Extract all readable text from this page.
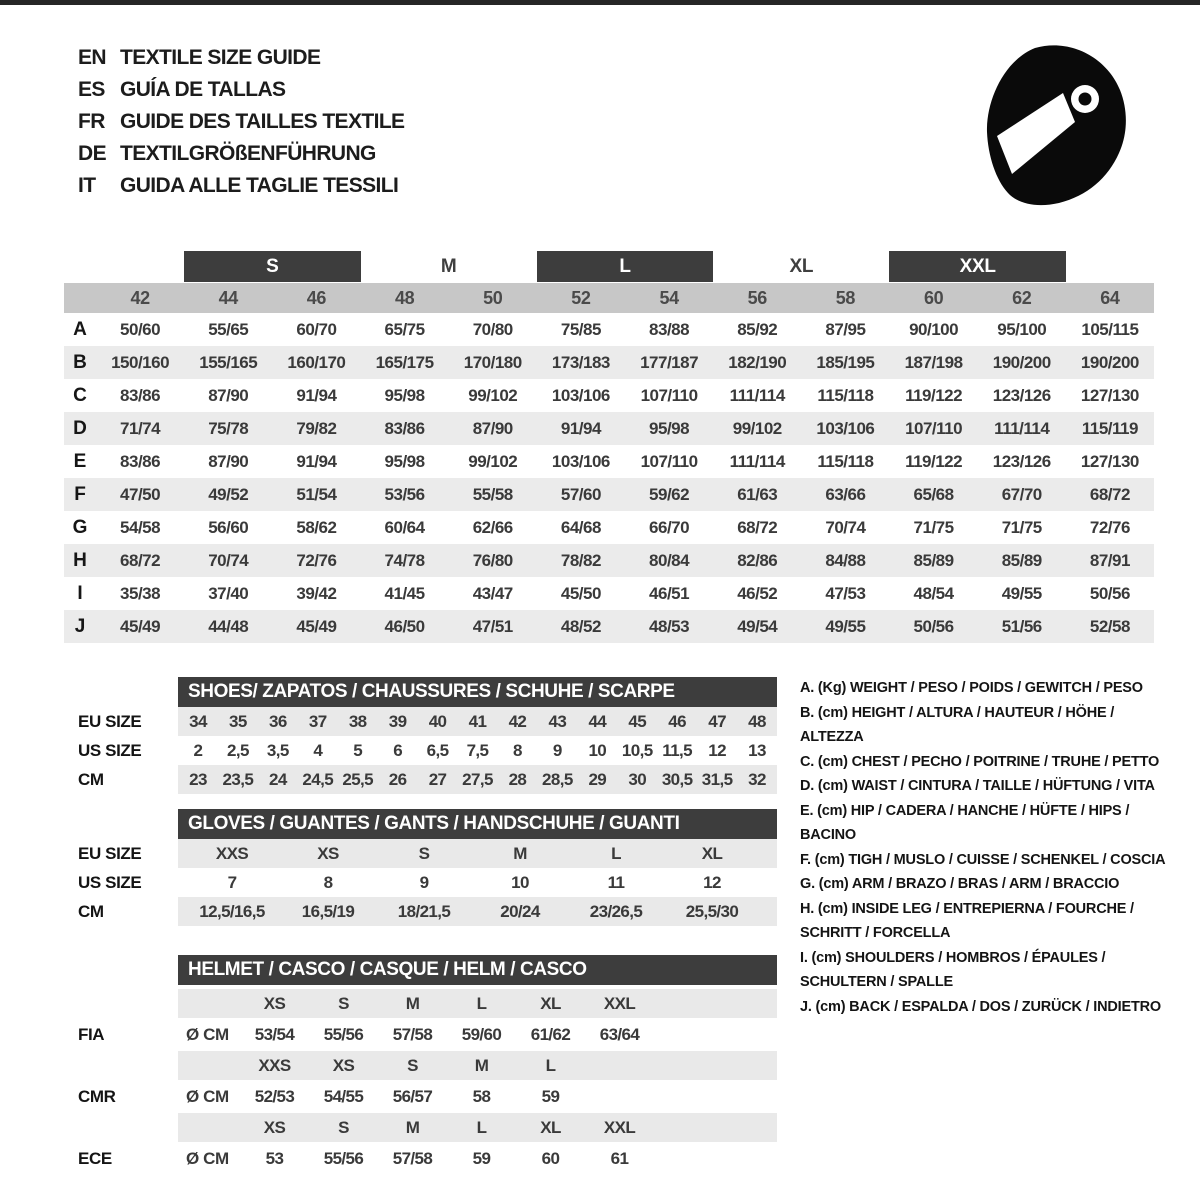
EN TEXTILE SIZE GUIDE
ES GUÍA DE TALLAS
FR GUIDE DES TAILLES TEXTILE
DE TEXTILGRÖßENFÜHRUNG
IT	GUIDA ALLE TAGLIE TESSILI
S	M	L	XL	XXL
42	44	46	48	50	52	54	56	58	60	62	64
A	50/60	55/65	60/70	65/75	70/80	75/85	83/88	85/92	87/95	90/100	95/100	105/115
B	150/160	155/165	160/170	165/175	170/180	173/183	177/187	182/190	185/195	187/198	190/200	190/200
C	83/86	87/90	91/94	95/98	99/102	103/106	107/110	111/114	115/118	119/122	123/126	127/130
D	71/74	75/78	79/82	83/86	87/90	91/94	95/98	99/102	103/106	107/110	111/114	115/119
E	83/86	87/90	91/94	95/98	99/102	103/106	107/110	111/114	115/118	119/122	123/126	127/130
F	47/50	49/52	51/54	53/56	55/58	57/60	59/62	61/63	63/66	65/68	67/70	68/72
G	54/58	56/60	58/62	60/64	62/66	64/68	66/70	68/72	70/74	71/75	71/75	72/76
H	68/72	70/74	72/76	74/78	76/80	78/82	80/84	82/86	84/88	85/89	85/89	87/91
I	35/38	37/40	39/42	41/45	43/47	45/50	46/51	46/52	47/53	48/54	49/55	50/56
J	45/49	44/48	45/49	46/50	47/51	48/52	48/53	49/54	49/55	50/56	51/56	52/58
SHOES/ ZAPATOS / CHAUSSURES / SCHUHE / SCARPE
EU SIZE	34	35	36	37	38	39	40	41	42	43	44	45	46	47	48
US SIZE	2	2,5	3,5	4	5	6	6,5	7,5	8	9	10 10,5 11,5 12	13
CM	23 23,5 24 24,5 25,5 26	27 27,5 28 28,5 29	30 30,5 31,5 32
GLOVES / GUANTES / GANTS / HANDSCHUHE / GUANTI
EU SIZE	XXS	XS	S	M	L	XL
US SIZE	7	8	9	10	11	12
CM	12,5/16,5	16,5/19	18/21,5	20/24	23/26,5	25,5/30
HELMET / CASCO / CASQUE / HELM / CASCO
XS	S	M	L	XL	XXL
FIA	Ø CM	53/54	55/56	57/58	59/60	61/62	63/64
XXS	XS	S	M	L
CMR	Ø CM	52/53	54/55	56/57	58	59
XS	S	M	L	XL	XXL
ECE	Ø CM	53	55/56	57/58	59	60	61
A. (Kg) WEIGHT / PESO / POIDS / GEWITCH / PESO
B. (cm) HEIGHT / ALTURA / HAUTEUR / HÖHE / ALTEZZA
C. (cm) CHEST / PECHO / POITRINE / TRUHE / PETTO
D. (cm) WAIST / CINTURA / TAILLE / HÜFTUNG / VITA
E. (cm) HIP / CADERA / HANCHE / HÜFTE / HIPS / BACINO
F. (cm) TIGH / MUSLO / CUISSE / SCHENKEL / COSCIA
G. (cm) ARM / BRAZO / BRAS / ARM / BRACCIO
H. (cm) INSIDE LEG / ENTREPIERNA / FOURCHE / SCHRITT / FORCELLA
I. (cm) SHOULDERS / HOMBROS / ÉPAULES / SCHULTERN / SPALLE
J. (cm) BACK / ESPALDA / DOS / ZURÜCK / INDIETRO
